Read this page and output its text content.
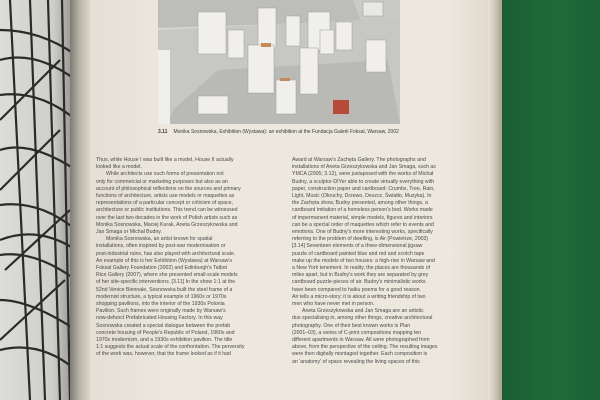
3.11 Monika Sosnowska, Exhibition (Wystawa): an exhibition at the Fundacja Galerii Foksal, Warsaw, 2002

Thus, while House I was built like a model, House II actually

looked like a model.

While architects use such forms of presentation not

only for commercial or marketing purposes but also as an

account of philosophical reflections on the sources and primary

functions of architecture, artists use models or maquettes as

representations of a particular concept or criticism of space,

architecture or public institutions. This trend can be witnessed

over the last two decades in the work of Polish artists such as

Monika Sosnowska, Maciej Kurak, Aneta Grzeszykowska and

Jan Smaga or Michał Budny.

Monika Sosnowska, an artist known for spatial

installations, often inspired by post-war modernisation or

post-industrial ruins, has also played with architectural scale.

An example of this is her Exhibition (Wystawa) at Warsaw's

Foksal Gallery Foundation (2002) and Edinburgh's Talbot

Rice Gallery (2007), where she presented small-scale models

of her site-specific interventions. [3.11] In the show 1:1 at the

52nd Venice Biennale, Sosnowska built the steel frame of a

modernist structure, a typical example of 1960s or 1970s

shopping pavilions, into the interior of the 1930s Polonia

Pavilion. Such frames were originally made by Warsaw's

now-defunct Prefabricated Housing Factory. In this way

Sosnowska created a special dialogue between the prefab

concrete housing of People's Republic of Poland, 1960s and

1970s modernism, and a 1930s exhibition pavilion. The title

1:1 suggests the actual scale of the confrontation. The perversity

of the work was, however, that the frame looked as if it had

Award at Warsaw's Zachęta Gallery. The photographs and

installations of Aneta Grzeszykowska and Jan Smaga, such as

YMCA (2005; 3.12), were juxtaposed with the works of Michał

Budny, a sculptor-DIYer able to create virtually everything with

paper, construction paper and cardboard: Crumbs, Tree, Rain,

Light, Music (Okruchy, Drzewo, Deszcz, Światło, Muzyka). In

the Zachęta show, Budny presented, among other things, a

cardboard imitation of a homeless person's bed. Works made

of impermanent material, simple models, figures and interiors

can be a special order of maquettes which refer to events and

emotions. One of Budny's more interesting works, specifically

referring to the problem of dwelling, is Air (Powietrze, 2003)

[3.14] Seventeen elements of a three-dimensional jigsaw

puzzle of cardboard painted blue and red and scotch tape

make up the models of two houses: a high-rise in Warsaw and

a New York tenement. In reality, the places are thousands of

miles apart, but in Budny's work they are separated by grey

cardboard puzzle-pieces of air. Budny's minimalistic works

have been compared to haiku poems for a good reason.

Air tells a micro-story: it is about a writing friendship of two

men who have never met in person.

Aneta Grzeszykowska and Jan Smaga are an artistic

duo specialising in, among other things, creative architectural

photography. One of their best known works is Plan

(2001–03), a series of C-print compositions mapping ten

different apartments in Warsaw. All were photographed from

above, from the perspective of the ceiling. The resulting images

were then digitally montaged together. Each composition is

an 'anatomy' of space revealing the living spaces of this
